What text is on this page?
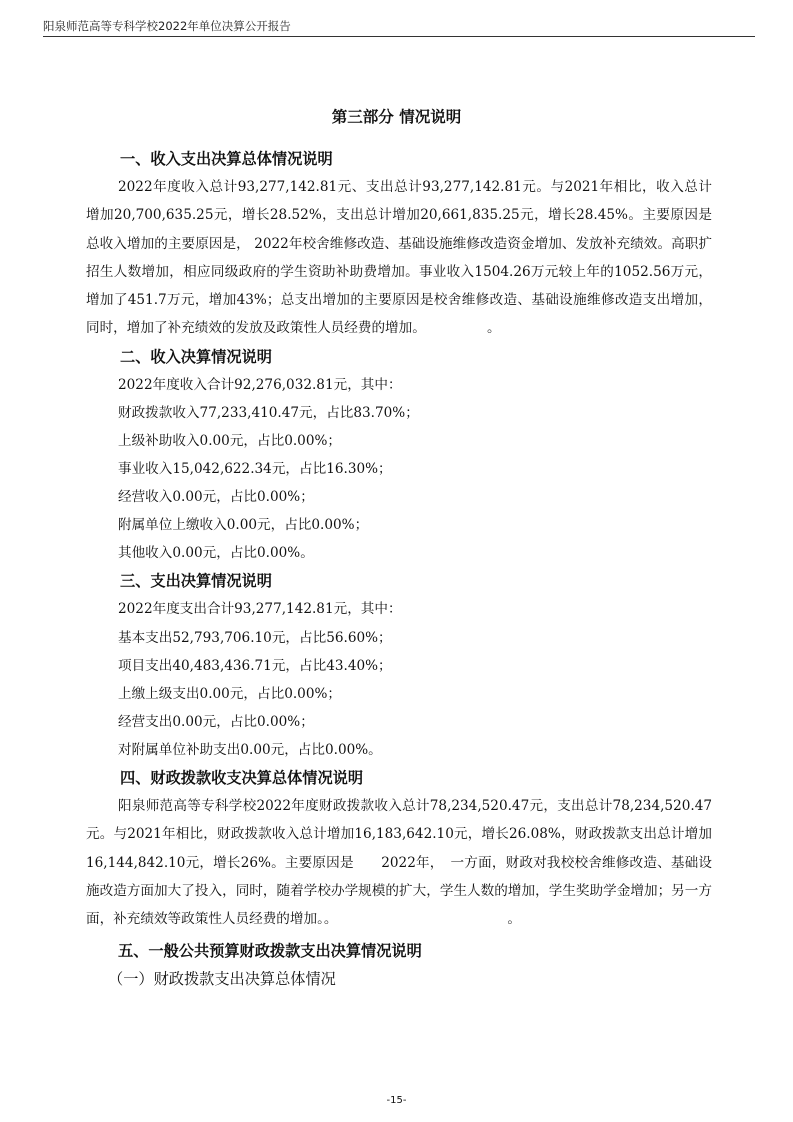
阳泉师范高等专科学校2022年单位决算公开报告
第三部分 情况说明
一、收入支出决算总体情况说明
2022年度收入总计93,277,142.81元、支出总计93,277,142.81元。与2021年相比，收入总计增加20,700,635.25元，增长28.52%，支出总计增加20,661,835.25元，增长28.45%。主要原因是　　总收入增加的主要原因是， 2022年校舍维修改造、基础设施维修改造资金增加、发放补充绩效。高职扩招生人数增加，相应同级政府的学生资助补助费增加。事业收入1504.26万元较上年的1052.56万元，增加了451.7万元，增加43%；总支出增加的主要原因是校舍维修改造、基础设施维修改造支出增加，同时，增加了补充绩效的发放及政策性人员经费的增加。　　　　　。
二、收入决算情况说明
2022年度收入合计92,276,032.81元，其中：
财政拨款收入77,233,410.47元，占比83.70%；
上级补助收入0.00元，占比0.00%；
事业收入15,042,622.34元，占比16.30%；
经营收入0.00元，占比0.00%；
附属单位上缴收入0.00元，占比0.00%；
其他收入0.00元，占比0.00%。
三、支出决算情况说明
2022年度支出合计93,277,142.81元，其中：
基本支出52,793,706.10元，占比56.60%；
项目支出40,483,436.71元，占比43.40%；
上缴上级支出0.00元，占比0.00%；
经营支出0.00元，占比0.00%；
对附属单位补助支出0.00元，占比0.00%。
四、财政拨款收支决算总体情况说明
阳泉师范高等专科学校2022年度财政拨款收入总计78,234,520.47元，支出总计78,234,520.47元。与2021年相比，财政拨款收入总计增加16,183,642.10元，增长26.08%，财政拨款支出总计增加16,144,842.10元，增长26%。主要原因是　　2022年，　一方面，财政对我校校舍维修改造、基础设施改造方面加大了投入，同时，随着学校办学规模的扩大，学生人数的增加，学生奖助学金增加；另一方面，补充绩效等政策性人员经费的增加。。　　　　　　　　　　　　　。
五、一般公共预算财政拨款支出决算情况说明
（一）财政拨款支出决算总体情况
-15-
